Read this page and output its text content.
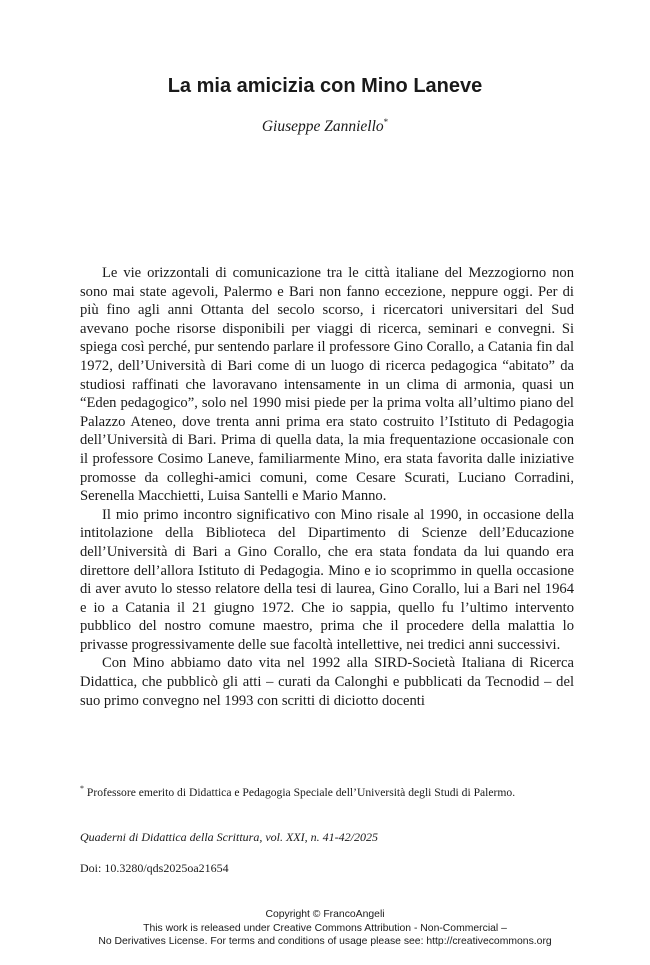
La mia amicizia con Mino Laneve
Giuseppe Zanniello*

Le vie orizzontali di comunicazione tra le città italiane del Mezzogiorno non sono mai state agevoli, Palermo e Bari non fanno eccezione, neppure oggi. Per di più fino agli anni Ottanta del secolo scorso, i ricercatori universitari del Sud avevano poche risorse disponibili per viaggi di ricerca, seminari e convegni. Si spiega così perché, pur sentendo parlare il professore Gino Corallo, a Catania fin dal 1972, dell’Università di Bari come di un luogo di ricerca pedagogica “abitato” da studiosi raffinati che lavoravano intensamente in un clima di armonia, quasi un “Eden pedagogico”, solo nel 1990 misi piede per la prima volta all’ultimo piano del Palazzo Ateneo, dove trenta anni prima era stato costruito l’Istituto di Pedagogia dell’Università di Bari. Prima di quella data, la mia frequentazione occasionale con il professore Cosimo Laneve, familiarmente Mino, era stata favorita dalle iniziative promosse da colleghi-amici comuni, come Cesare Scurati, Luciano Corradini, Serenella Macchietti, Luisa Santelli e Mario Manno.

Il mio primo incontro significativo con Mino risale al 1990, in occasione della intitolazione della Biblioteca del Dipartimento di Scienze dell’Educazione dell’Università di Bari a Gino Corallo, che era stata fondata da lui quando era direttore dell’allora Istituto di Pedagogia. Mino e io scoprimmo in quella occasione di aver avuto lo stesso relatore della tesi di laurea, Gino Corallo, lui a Bari nel 1964 e io a Catania il 21 giugno 1972. Che io sappia, quello fu l’ultimo intervento pubblico del nostro comune maestro, prima che il procedere della malattia lo privasse progressivamente delle sue facoltà intellettive, nei tredici anni successivi.

Con Mino abbiamo dato vita nel 1992 alla SIRD-Società Italiana di Ricerca Didattica, che pubblicò gli atti – curati da Calonghi e pubblicati da Tecnodid – del suo primo convegno nel 1993 con scritti di diciotto docenti

* Professore emerito di Didattica e Pedagogia Speciale dell’Università degli Studi di Palermo.

Quaderni di Didattica della Scrittura, vol. XXI, n. 41-42/2025
Doi: 10.3280/qds2025oa21654
Copyright © FrancoAngeli
This work is released under Creative Commons Attribution - Non-Commercial –
No Derivatives License. For terms and conditions of usage please see: http://creativecommons.org
